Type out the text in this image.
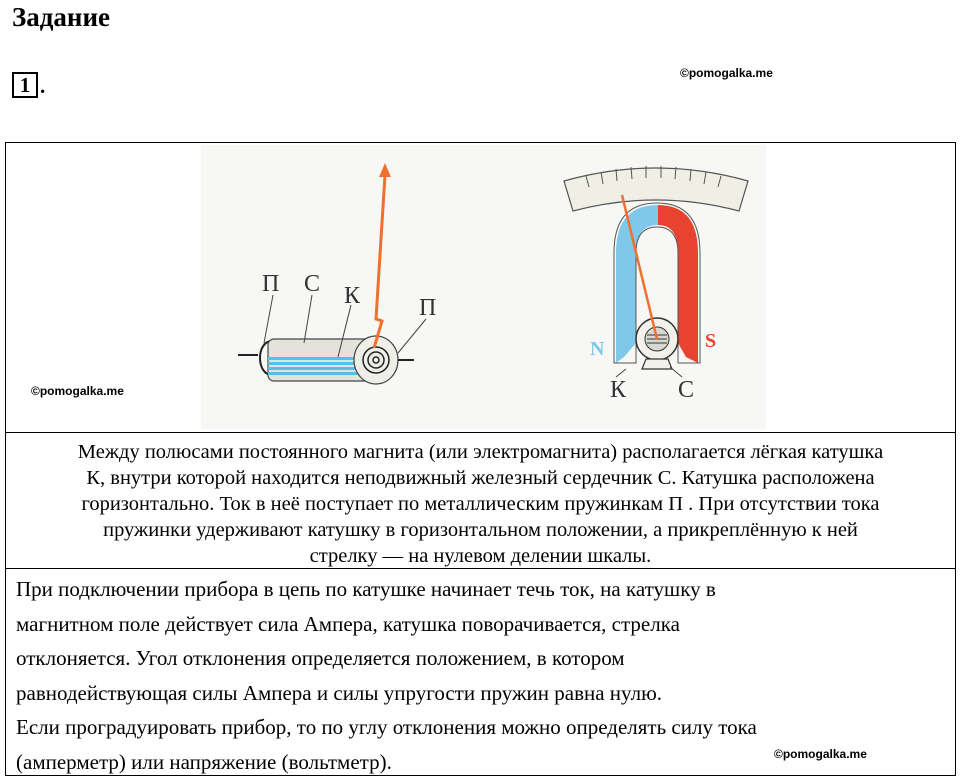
Задание
1 .
©pomogalka.me
П С К П
N	S
К С
©pomogalka.me
Между полюсами постоянного магнита (или электромагнита) располагается лёгкая катушка
К, внутри которой находится неподвижный железный сердечник С. Катушка расположена
горизонтально. Ток в неё поступает по металлическим пружинкам П . При отсутствии тока
пружинки удерживают катушку в горизонтальном положении, а прикреплённую к ней
стрелку — на нулевом делении шкалы.
При подключении прибора в цепь по катушке начинает течь ток, на катушку в
магнитном поле действует сила Ампера, катушка поворачивается, стрелка
отклоняется. Угол отклонения определяется положением, в котором
равнодействующая силы Ампера и силы упругости пружин равна нулю.
Если проградуировать прибор, то по углу отклонения можно определять силу тока
(амперметр) или напряжение (вольтметр).	©pomogalka.me
